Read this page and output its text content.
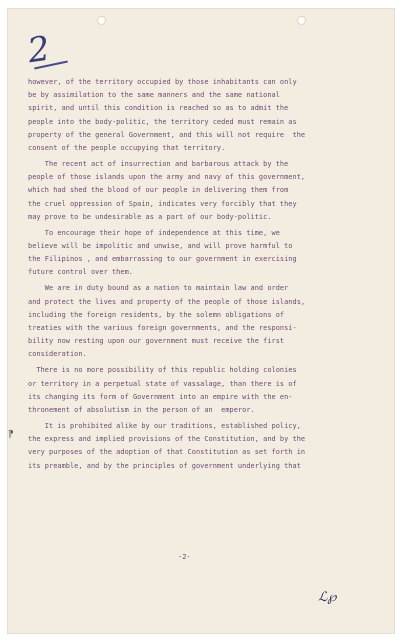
2

however, of the territory occupied by those inhabitants can only
be by assimilation to the same manners and the same national
spirit, and until this condition is reached so as to admit the
people into the body-politic, the territory ceded must remain as
property of the general Government, and this will not require  the
consent of the people occupying that territory.

The recent act of insurrection and barbarous attack by the
people of those islands upon the army and navy of this government,
which had shed the blood of our people in delivering them from
the cruel oppression of Spain, indicates very forcibly that they
may prove to be undesirable as a part of our body-politic.

To encourage their hope of independence at this time, we
believe will be impolitic and unwise, and will prove harmful to
the Filipinos , and embarrassing to our government in exercising
future control over them.

We are in duty bound as a nation to maintain law and order
and protect the lives and property of the people of those islands,
including the foreign residents, by the solemn obligations of
treaties with the various foreign governments, and the responsi-
bility now resting upon our government must receive the first
consideration.

There is no more possibility of this republic holding colonies
or territory in a perpetual state of vassalage, than there is of
its changing its form of Government into an empire with the en-
thronement of absolutism in the person of an  emperor.

It is prohibited alike by our traditions, established policy,
the express and implied provisions of the Constitution, and by the
very purposes of the adoption of that Constitution as set forth in
its preamble, and by the principles of government underlying that

⁋
-2-
ℒ℘
